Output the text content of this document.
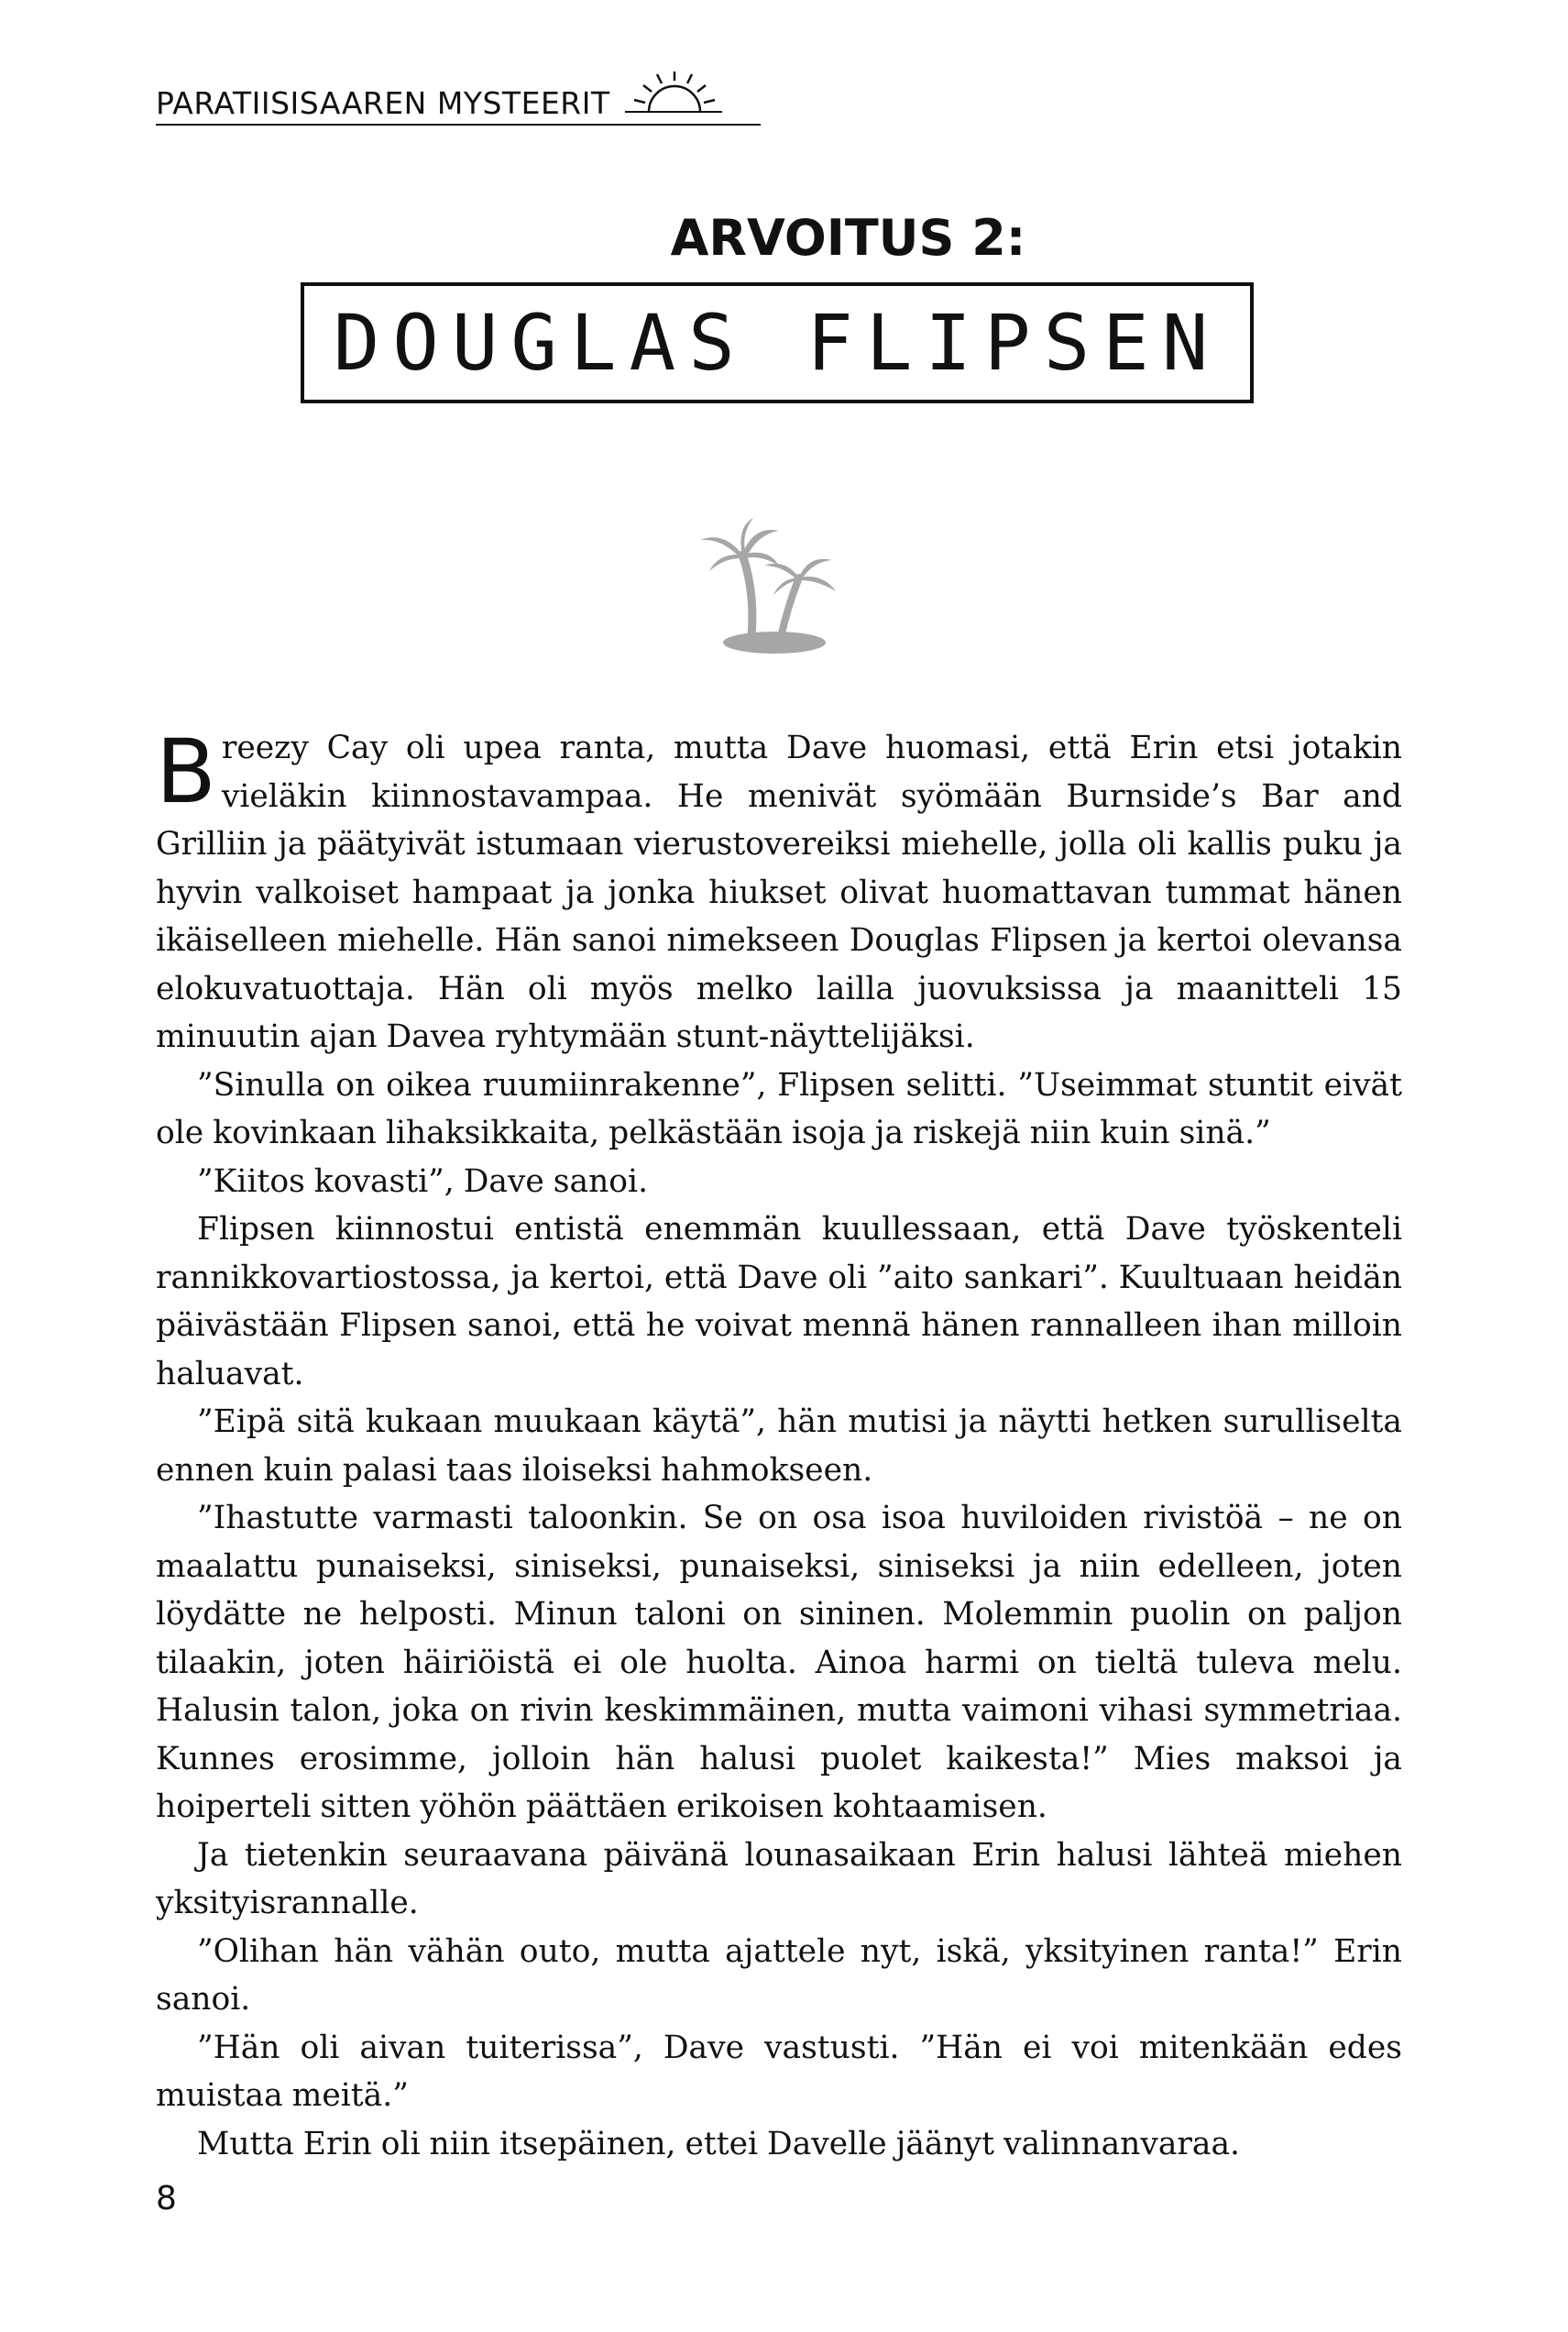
PARATIISISAAREN MYSTEERIT
ARVOITUS 2:
DOUGLAS FLIPSEN

Breezy Cay oli upea ranta, mutta Dave huomasi, että Erin etsi jotakin vieläkin kiinnostavampaa. He menivät syömään Burnside’s Bar and Grilliin ja päätyivät istumaan vierustovereiksi miehelle, jolla oli kallis puku ja hyvin valkoiset hampaat ja jonka hiukset olivat huomattavan tummat hänen ikäiselleen miehelle. Hän sanoi nimekseen Douglas Flipsen ja kertoi olevansa elokuvatuottaja. Hän oli myös melko lailla juovuksissa ja maanitteli 15 minuutin ajan Davea ryhtymään stunt-näyttelijäksi.

”Sinulla on oikea ruumiinrakenne”, Flipsen selitti. ”Useimmat stuntit eivät ole kovinkaan lihaksikkaita, pelkästään isoja ja riskejä niin kuin sinä.”

”Kiitos kovasti”, Dave sanoi.

Flipsen kiinnostui entistä enemmän kuullessaan, että Dave työskenteli rannikkovartiostossa, ja kertoi, että Dave oli ”aito sankari”. Kuultuaan heidän päivästään Flipsen sanoi, että he voivat mennä hänen rannalleen ihan milloin haluavat.

”Eipä sitä kukaan muukaan käytä”, hän mutisi ja näytti hetken surulliselta ennen kuin palasi taas iloiseksi hahmokseen.

”Ihastutte varmasti taloonkin. Se on osa isoa huviloiden rivistöä – ne on maalattu punaiseksi, siniseksi, punaiseksi, siniseksi ja niin edelleen, joten löydätte ne helposti. Minun taloni on sininen. Molemmin puolin on paljon tilaakin, joten häiriöistä ei ole huolta. Ainoa harmi on tieltä tuleva melu. Halusin talon, joka on rivin keskimmäinen, mutta vaimoni vihasi symmetriaa. Kunnes erosimme, jolloin hän halusi puolet kaikesta!” Mies maksoi ja hoiperteli sitten yöhön päättäen erikoisen kohtaamisen.

Ja tietenkin seuraavana päivänä lounasaikaan Erin halusi lähteä miehen yksityisrannalle.

”Olihan hän vähän outo, mutta ajattele nyt, iskä, yksityinen ranta!” Erin sanoi.

”Hän oli aivan tuiterissa”, Dave vastusti. ”Hän ei voi mitenkään edes muistaa meitä.”

Mutta Erin oli niin itsepäinen, ettei Davelle jäänyt valinnanvaraa.

8
